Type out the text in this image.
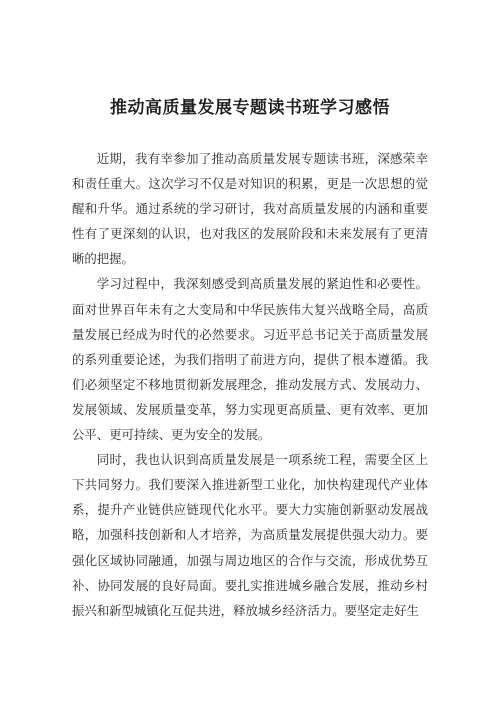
推动高质量发展专题读书班学习感悟

近期，我有幸参加了推动高质量发展专题读书班，深感荣幸和责任重大。这次学习不仅是对知识的积累，更是一次思想的觉醒和升华。通过系统的学习研讨，我对高质量发展的内涵和重要性有了更深刻的认识，也对我区的发展阶段和未来发展有了更清晰的把握。

学习过程中，我深刻感受到高质量发展的紧迫性和必要性。面对世界百年未有之大变局和中华民族伟大复兴战略全局，高质量发展已经成为时代的必然要求。习近平总书记关于高质量发展的系列重要论述，为我们指明了前进方向，提供了根本遵循。我们必须坚定不移地贯彻新发展理念，推动发展方式、发展动力、发展领域、发展质量变革，努力实现更高质量、更有效率、更加公平、更可持续、更为安全的发展。

同时，我也认识到高质量发展是一项系统工程，需要全区上下共同努力。我们要深入推进新型工业化，加快构建现代产业体系，提升产业链供应链现代化水平。要大力实施创新驱动发展战略，加强科技创新和人才培养，为高质量发展提供强大动力。要强化区域协同融通，加强与周边地区的合作与交流，形成优势互补、协同发展的良好局面。要扎实推进城乡融合发展，推动乡村振兴和新型城镇化互促共进，释放城乡经济活力。要坚定走好生
